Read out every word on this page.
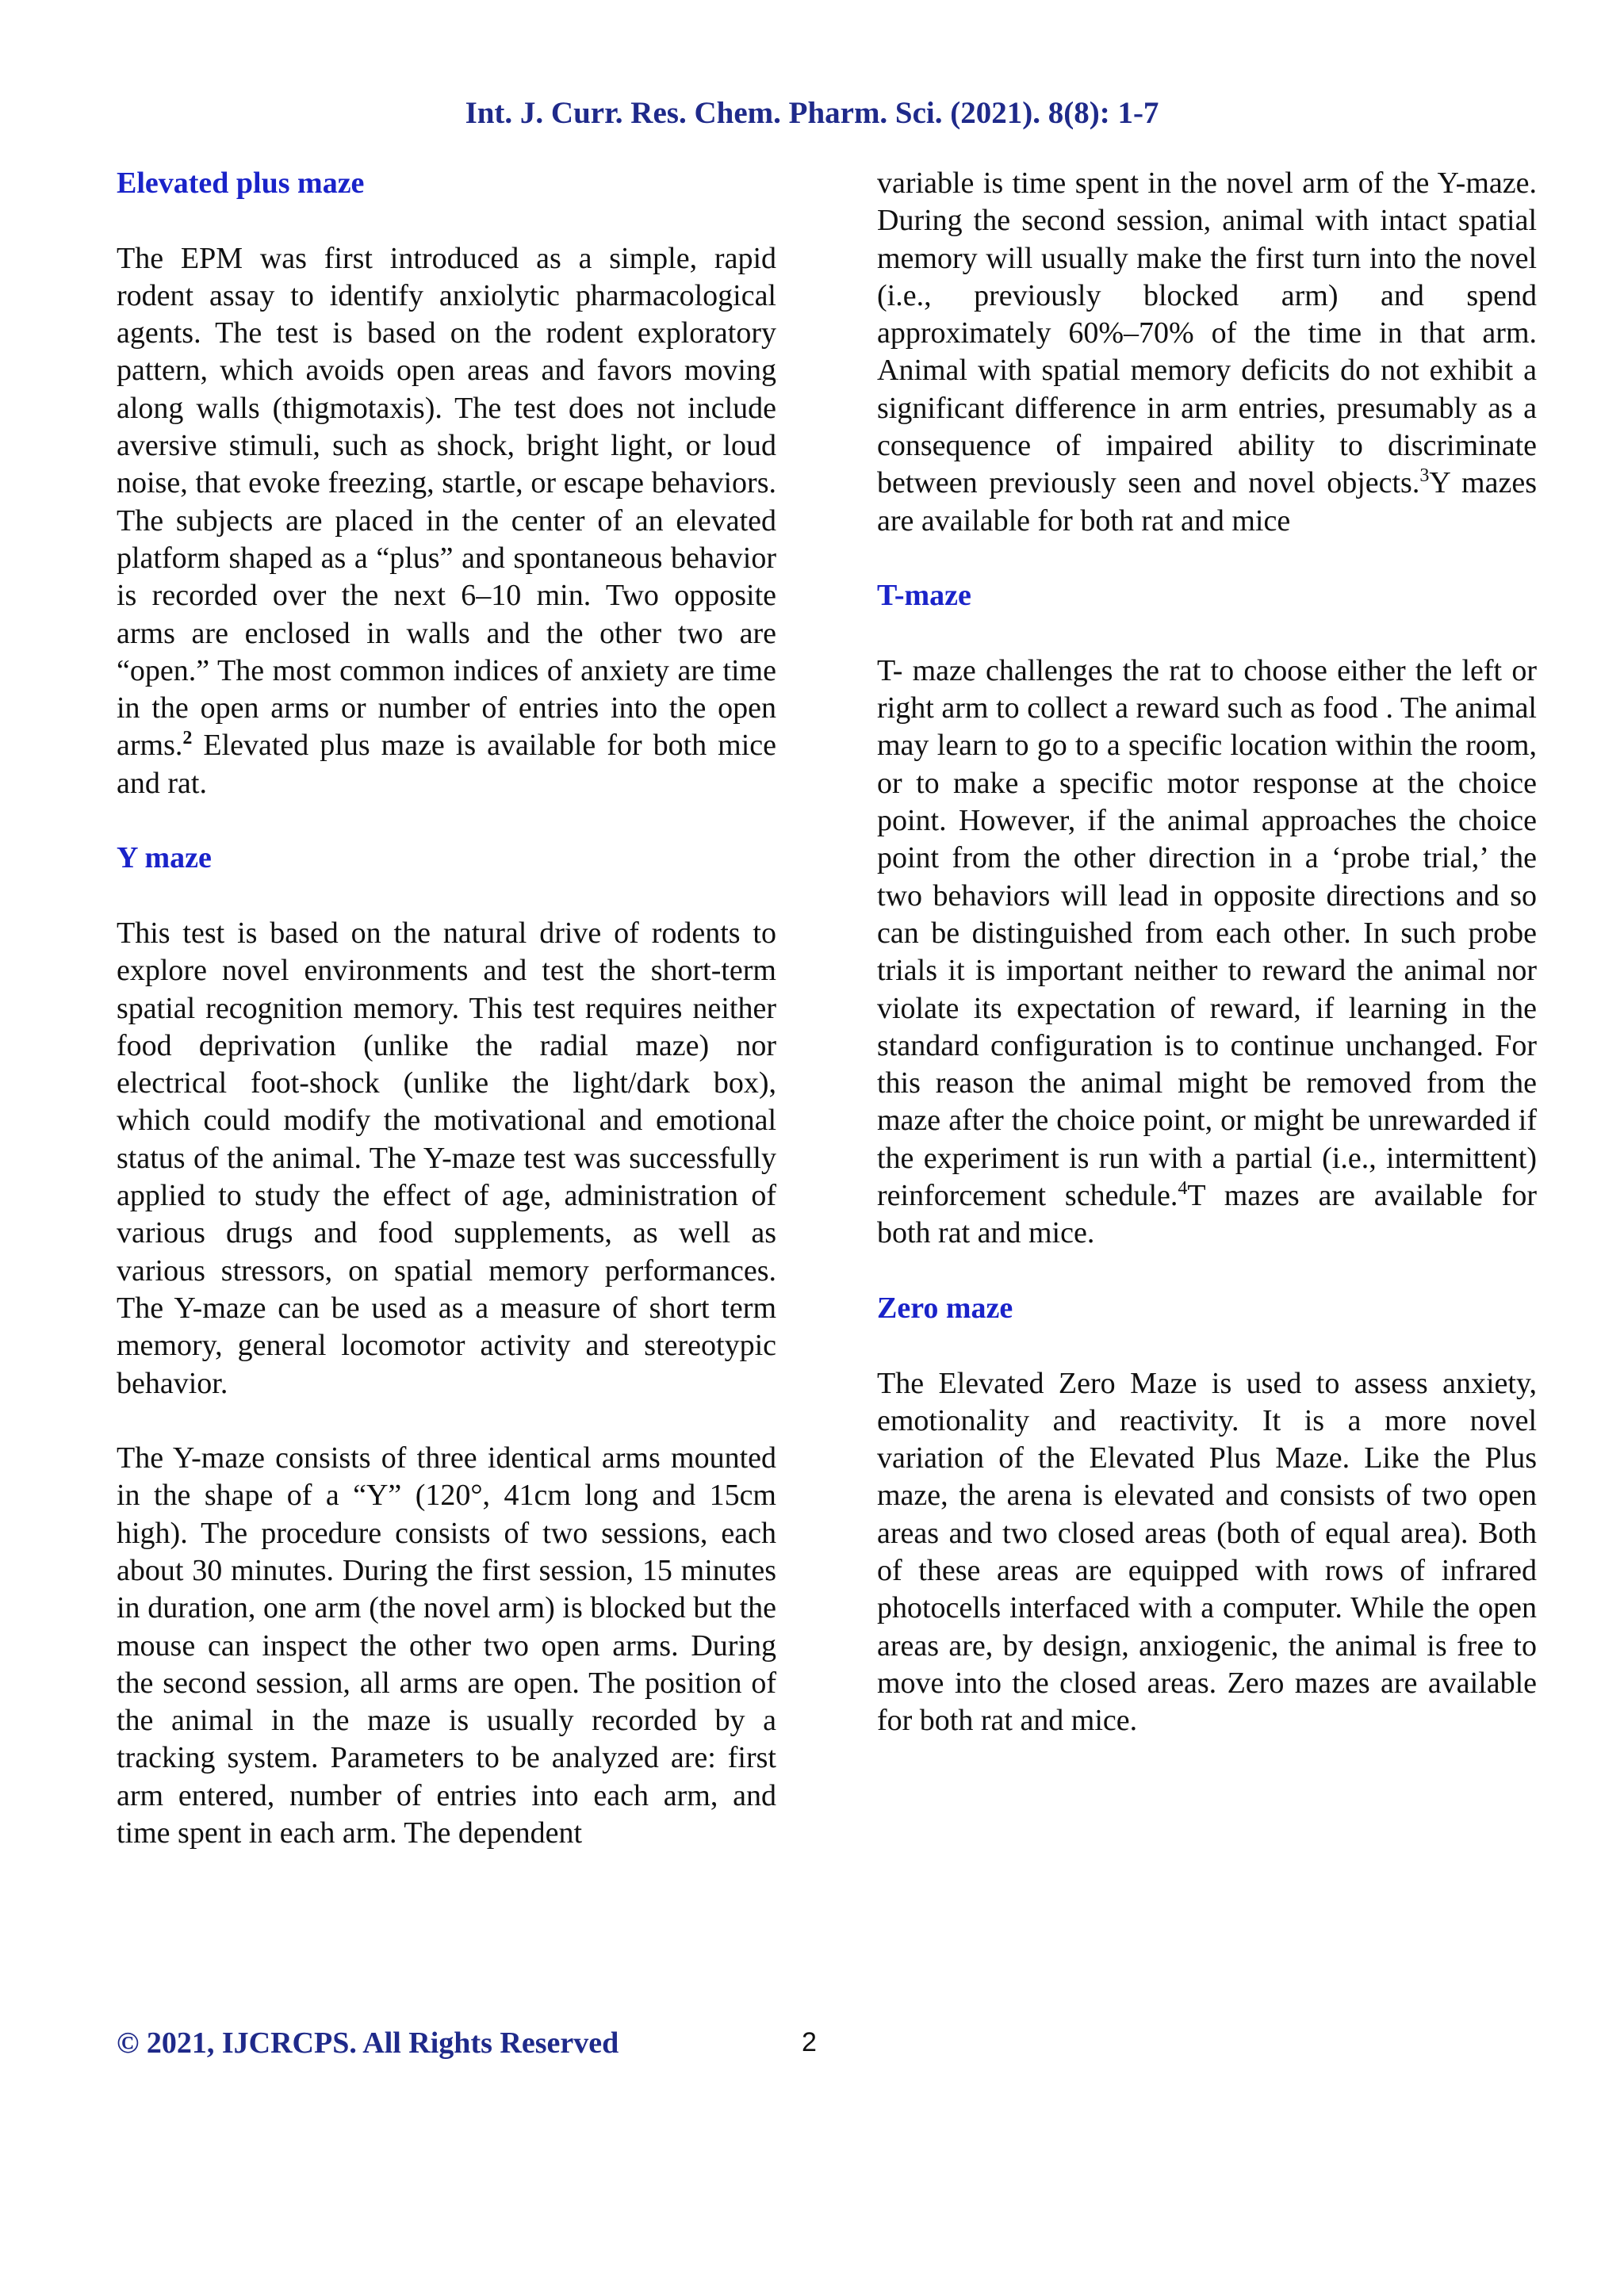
Int. J. Curr. Res. Chem. Pharm. Sci. (2021). 8(8): 1-7
Elevated plus maze

The EPM was first introduced as a simple, rapid rodent assay to identify anxiolytic pharmacological agents. The test is based on the rodent exploratory pattern, which avoids open areas and favors moving along walls (thigmotaxis). The test does not include aversive stimuli, such as shock, bright light, or loud noise, that evoke freezing, startle, or escape behaviors. The subjects are placed in the center of an elevated platform shaped as a “plus” and spontaneous behavior is recorded over the next 6–10 min. Two opposite arms are enclosed in walls and the other two are “open.” The most common indices of anxiety are time in the open arms or number of entries into the open arms.$^2$ Elevated plus maze is available for both mice and rat.

Y maze

This test is based on the natural drive of rodents to explore novel environments and test the short-term spatial recognition memory. This test requires neither food deprivation (unlike the radial maze) nor electrical foot-shock (unlike the light/dark box), which could modify the motivational and emotional status of the animal. The Y-maze test was successfully applied to study the effect of age, administration of various drugs and food supplements, as well as various stressors, on spatial memory performances. The Y-maze can be used as a measure of short term memory, general locomotor activity and stereotypic behavior.

The Y-maze consists of three identical arms mounted in the shape of a “Y” (120°, 41cm long and 15cm high). The procedure consists of two sessions, each about 30 minutes. During the first session, 15 minutes in duration, one arm (the novel arm) is blocked but the mouse can inspect the other two open arms. During the second session, all arms are open. The position of the animal in the maze is usually recorded by a tracking system. Parameters to be analyzed are: first arm entered, number of entries into each arm, and time spent in each arm. The dependent

variable is time spent in the novel arm of the Y-maze. During the second session, animal with intact spatial memory will usually make the first turn into the novel (i.e., previously blocked arm) and spend approximately 60%–70% of the time in that arm. Animal with spatial memory deficits do not exhibit a significant difference in arm entries, presumably as a consequence of impaired ability to discriminate between previously seen and novel objects.$^3$Y mazes are available for both rat and mice

T-maze

T- maze challenges the rat to choose either the left or right arm to collect a reward such as food . The animal may learn to go to a specific location within the room, or to make a specific motor response at the choice point. However, if the animal approaches the choice point from the other direction in a ‘probe trial,’ the two behaviors will lead in opposite directions and so can be distinguished from each other. In such probe trials it is important neither to reward the animal nor violate its expectation of reward, if learning in the standard configuration is to continue unchanged. For this reason the animal might be removed from the maze after the choice point, or might be unrewarded if the experiment is run with a partial (i.e., intermittent) reinforcement schedule.$^4$T mazes are available for both rat and mice.

Zero maze

The Elevated Zero Maze is used to assess anxiety, emotionality and reactivity. It is a more novel variation of the Elevated Plus Maze. Like the Plus maze, the arena is elevated and consists of two open areas and two closed areas (both of equal area). Both of these areas are equipped with rows of infrared photocells interfaced with a computer. While the open areas are, by design, anxiogenic, the animal is free to move into the closed areas. Zero mazes are available for both rat and mice.

© 2021, IJCRCPS. All Rights Reserved	2
